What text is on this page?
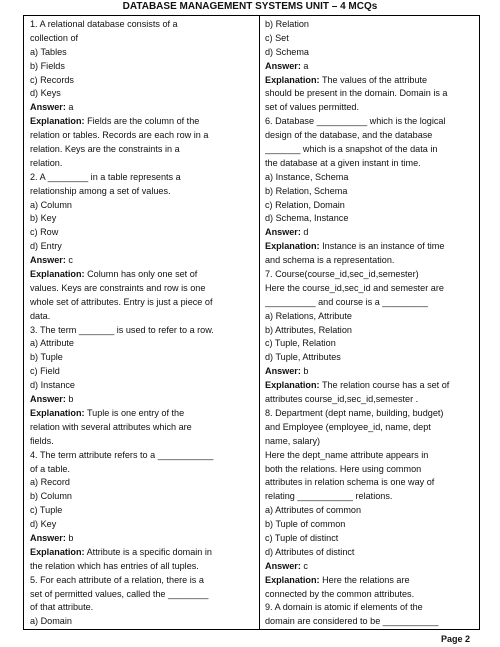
DATABASE MANAGEMENT SYSTEMS UNIT – 4 MCQs
1. A relational database consists of a
collection of
a) Tables
b) Fields
c) Records
d) Keys
Answer: a
Explanation: Fields are the column of the
relation or tables. Records are each row in a
relation. Keys are the constraints in a
relation.
2. A ________ in a table represents a
relationship among a set of values.
a) Column
b) Key
c) Row
d) Entry
Answer: c
Explanation: Column has only one set of
values. Keys are constraints and row is one
whole set of attributes. Entry is just a piece of
data.
3. The term _______ is used to refer to a row.
a) Attribute
b) Tuple
c) Field
d) Instance
Answer: b
Explanation: Tuple is one entry of the
relation with several attributes which are
fields.
4. The term attribute refers to a ___________
of a table.
a) Record
b) Column
c) Tuple
d) Key
Answer: b
Explanation: Attribute is a specific domain in
the relation which has entries of all tuples.
5. For each attribute of a relation, there is a
set of permitted values, called the ________
of that attribute.
a) Domain
b) Relation
c) Set
d) Schema
Answer: a
Explanation: The values of the attribute
should be present in the domain. Domain is a
set of values permitted.
6. Database __________ which is the logical
design of the database, and the database
_______ which is a snapshot of the data in
the database at a given instant in time.
a) Instance, Schema
b) Relation, Schema
c) Relation, Domain
d) Schema, Instance
Answer: d
Explanation: Instance is an instance of time
and schema is a representation.
7. Course(course_id,sec_id,semester)
Here the course_id,sec_id and semester are
__________ and course is a _________
a) Relations, Attribute
b) Attributes, Relation
c) Tuple, Relation
d) Tuple, Attributes
Answer: b
Explanation: The relation course has a set of
attributes course_id,sec_id,semester .
8. Department (dept name, building, budget)
and Employee (employee_id, name, dept
name, salary)
Here the dept_name attribute appears in
both the relations. Here using common
attributes in relation schema is one way of
relating ___________ relations.
a) Attributes of common
b) Tuple of common
c) Tuple of distinct
d) Attributes of distinct
Answer: c
Explanation: Here the relations are
connected by the common attributes.
9. A domain is atomic if elements of the
domain are considered to be ___________
Page 2
